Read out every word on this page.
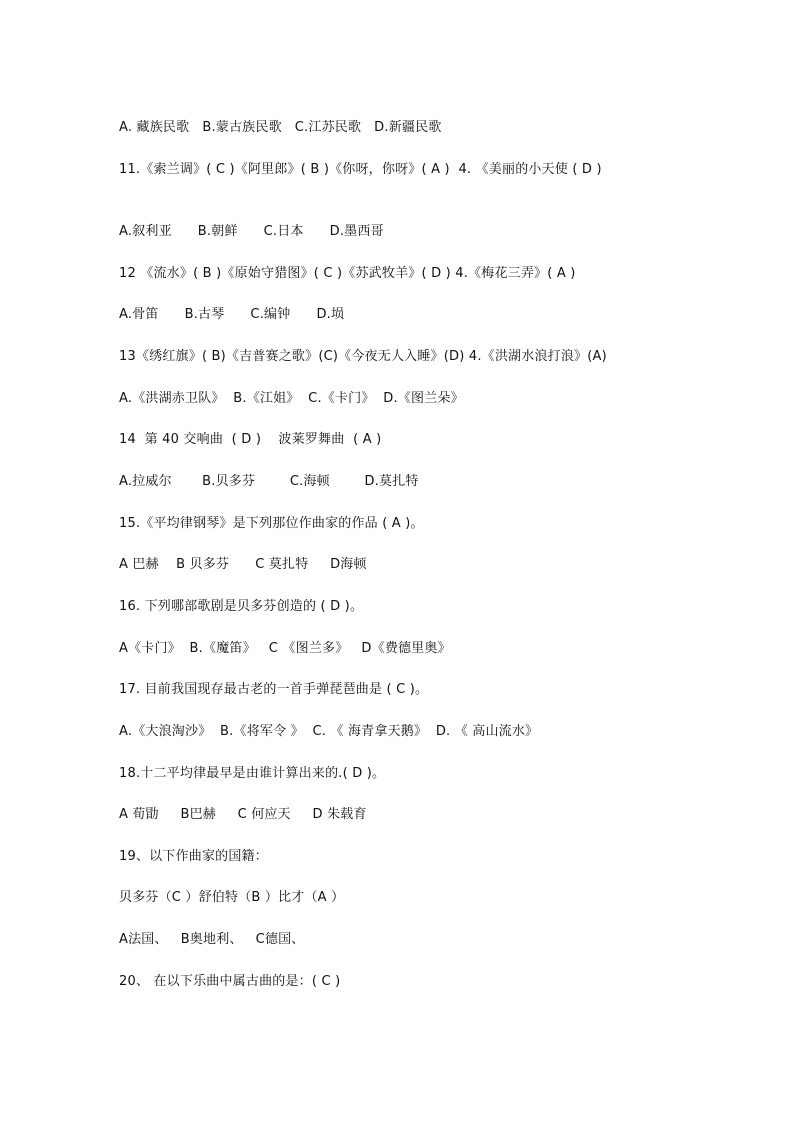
A. 藏族民歌   B.蒙古族民歌   C.江苏民歌   D.新疆民歌
11.《索兰调》( C )《阿里郎》( B )《你呀，你呀》( A )  4. 《美丽的小天使 ( D )
A.叙利亚      B.朝鲜      C.日本      D.墨西哥
12 《流水》( B )《原始守猎图》( C )《苏武牧羊》( D ) 4.《梅花三弄》( A )
A.骨笛      B.古琴      C.编钟      D.埙
13《绣红旗》( B)《吉普赛之歌》(C)《今夜无人入睡》(D) 4.《洪湖水浪打浪》(A)
A.《洪湖赤卫队》  B.《江姐》  C.《卡门》  D.《图兰朵》
14  第 40 交响曲  ( D )    波莱罗舞曲  ( A )
A.拉威尔       B.贝多芬        C.海顿        D.莫扎特
15.《平均律钢琴》是下列那位作曲家的作品 ( A )。
A 巴赫    B 贝多芬      C 莫扎特     D海顿
16. 下列哪部歌剧是贝多芬创造的 ( D )。
A《卡门》  B.《魔笛》   C 《图兰多》   D《费德里奥》
17. 目前我国现存最古老的一首手弹琵琶曲是 ( C )。
A.《大浪淘沙》  B.《将军令 》  C. 《 海青拿天鹅》  D. 《 高山流水》
18.十二平均律最早是由谁计算出来的.( D )。
A 荀勖     B巴赫     C 何应天     D 朱载育
19、以下作曲家的国籍：
贝多芬（C ）舒伯特（B ）比才（A ）
A法国、   B奥地利、   C德国、
20、 在以下乐曲中属古曲的是：( C )
